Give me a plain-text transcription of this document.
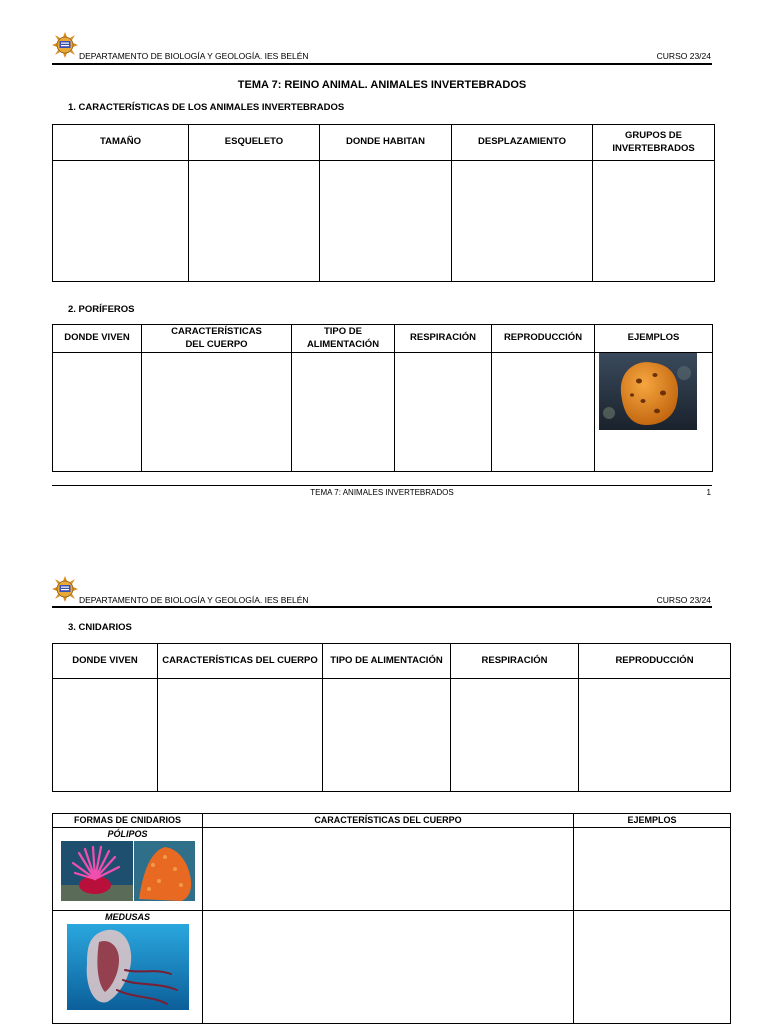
DEPARTAMENTO DE BIOLOGÍA Y GEOLOGÍA. IES BELÉN	CURSO 23/24
TEMA 7: REINO ANIMAL. ANIMALES INVERTEBRADOS
1. CARACTERÍSTICAS DE LOS ANIMALES INVERTEBRADOS
TAMAÑO	ESQUELETO	DONDE HABITAN	DESPLAZAMIENTO	GRUPOS DE INVERTEBRADOS

2. PORÍFEROS
DONDE VIVEN	CARACTERÍSTICAS DEL CUERPO	TIPO DE ALIMENTACIÓN	RESPIRACIÓN	REPRODUCCIÓN	EJEMPLOS

TEMA 7: ANIMALES INVERTEBRADOS	1
DEPARTAMENTO DE BIOLOGÍA Y GEOLOGÍA. IES BELÉN	CURSO 23/24
3. CNIDARIOS
DONDE VIVEN	CARACTERÍSTICAS DEL CUERPO	TIPO DE ALIMENTACIÓN	RESPIRACIÓN	REPRODUCCIÓN

FORMAS DE CNIDARIOS	CARACTERÍSTICAS DEL CUERPO	EJEMPLOS

PÓLIPOS		

MEDUSAS		
